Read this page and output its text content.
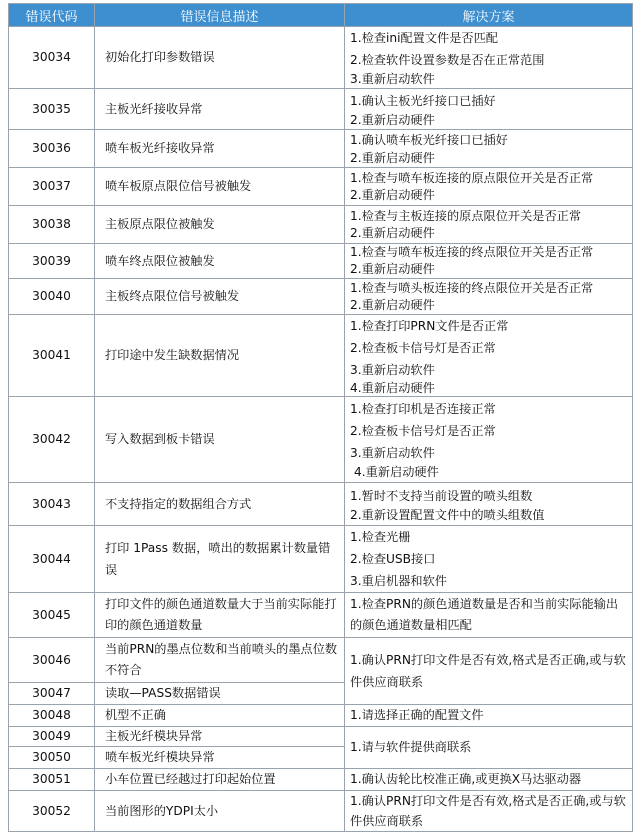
错误代码	错误信息描述	解决方案
30034	初始化打印参数错误	1.检查ini配置文件是否匹配
2.检查软件设置参数是否在正常范围
3.重新启动软件

30035	主板光纤接收异常	1.确认主板光纤接口已插好
2.重新启动硬件

30036	喷车板光纤接收异常	1.确认喷车板光纤接口已插好
2.重新启动硬件

30037	喷车板原点限位信号被触发	1.检查与喷车板连接的原点限位开关是否正常
2.重新启动硬件

30038	主板原点限位被触发	1.检查与主板连接的原点限位开关是否正常
2.重新启动硬件

30039	喷车终点限位被触发	1.检查与喷车板连接的终点限位开关是否正常
2.重新启动硬件

30040	主板终点限位信号被触发	1.检查与喷头板连接的终点限位开关是否正常
2.重新启动硬件

30041	打印途中发生缺数据情况	1.检查打印PRN文件是否正常
2.检查板卡信号灯是否正常
3.重新启动软件
4.重新启动硬件

30042	写入数据到板卡错误	1.检查打印机是否连接正常
2.检查板卡信号灯是否正常
3.重新启动软件
4.重新启动硬件

30043	不支持指定的数据组合方式	1.暂时不支持当前设置的喷头组数
2.重新设置配置文件中的喷头组数值

30044	打印 1Pass 数据，喷出的数据累计数量错误	1.检查光栅
2.检查USB接口
3.重启机器和软件

30045	打印文件的颜色通道数量大于当前实际能打印的颜色通道数量	1.检查PRN的颜色通道数量是否和当前实际能输出的颜色通道数量相匹配
30046	当前PRN的墨点位数和当前喷头的墨点位数不符合	1.确认PRN打印文件是否有效,格式是否正确,或与软件供应商联系
30047	读取—PASS数据错误	
30048	机型不正确	1.请选择正确的配置文件
30049	主板光纤模块异常	1.请与软件提供商联系
30050	喷车板光纤模块异常	
30051	小车位置已经越过打印起始位置	1.确认齿轮比校准正确,或更换X马达驱动器
30052	当前图形的YDPI太小	1.确认PRN打印文件是否有效,格式是否正确,或与软件供应商联系
